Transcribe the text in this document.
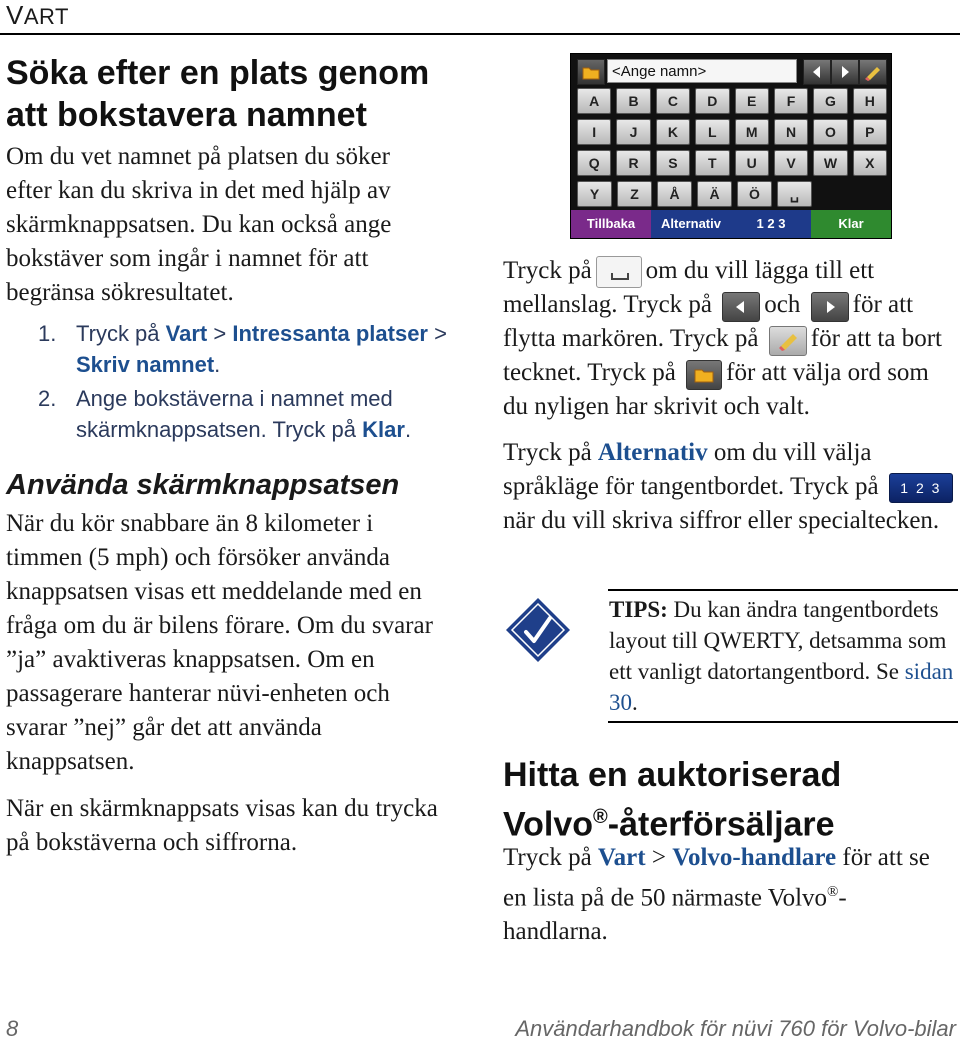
VART
Söka efter en plats genom att bokstavera namnet

Om du vet namnet på platsen du söker efter kan du skriva in det med hjälp av skärmknappsatsen. Du kan också ange bokstäver som ingår i namnet för att begränsa sökresultatet.

1. Tryck på Vart > Intressanta platser > Skriv namnet.
2. Ange bokstäverna i namnet med skärmknappsatsen. Tryck på Klar.
Använda skärmknappsatsen

När du kör snabbare än 8 kilometer i timmen (5 mph) och försöker använda knappsatsen visas ett meddelande med en fråga om du är bilens förare. Om du svarar ”ja” avaktiveras knappsatsen. Om en passagerare hanterar nüvi-enheten och svarar ”nej” går det att använda knappsatsen.

När en skärmknappsats visas kan du trycka på bokstäverna och siffrorna.

<Ange namn>
A	B	C	D	E	F	G	H
I	J	K	L	M	N	O	P
Q	R	S	T	U	V	W	X
Y	Z	Å	Ä	Ö	␣
Tillbaka	Alternativ	1 2 3	Klar

Tryck på om du vill lägga till ett mellanslag. Tryck på och för att flytta markören. Tryck på för att ta bort tecknet. Tryck på för att välja ord som du nyligen har skrivit och valt.

Tryck på Alternativ om du vill välja språkläge för tangentbordet. Tryck på 1 2 3när du vill skriva siffror eller specialtecken.

TIPS: Du kan ändra tangentbordets layout till QWERTY, detsamma som ett vanligt datortangentbord. Se sidan 30.
Hitta en auktoriserad
Volvo®-återförsäljare

Tryck på Vart > Volvo-handlare för att se en lista på de 50 närmaste Volvo®-handlarna.

8	Användarhandbok för nüvi 760 för Volvo-bilar
